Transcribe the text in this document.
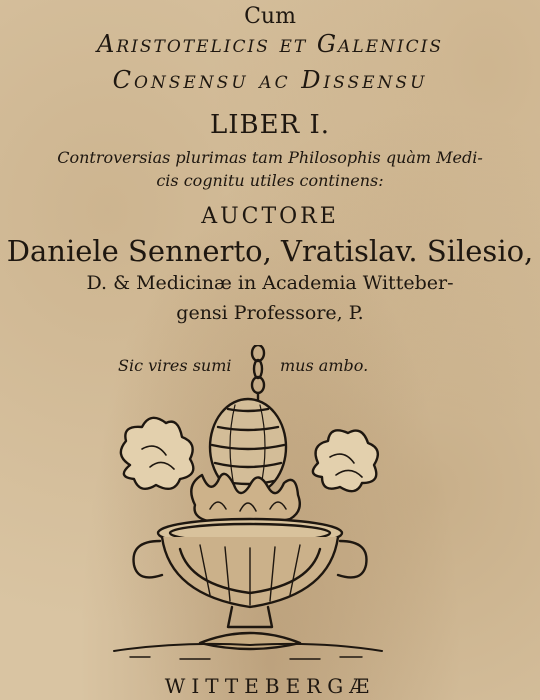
Cum
Aristotelicis et Galenicis
Consensu ac Dissensu
LIBER I.
Controversias plurimas tam Philosophis quàm Medi-
cis cognitu utiles continens:
AUCTORE
Daniele Sennerto, Vratislav. Silesio,
D. & Medicinæ in Academia Witteber-
gensi Professore, P.
Sic vires sumi	mus ambo.
WITTEBERGÆ
